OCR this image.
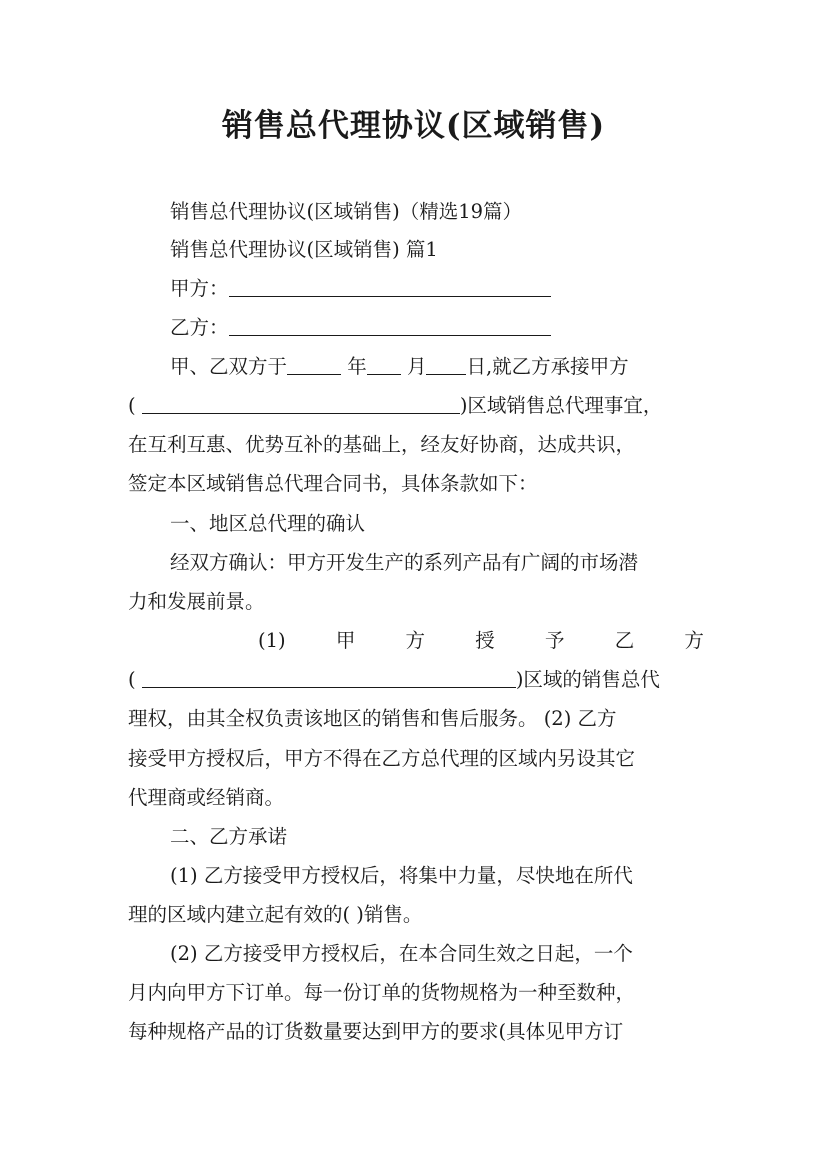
销售总代理协议(区域销售)
销售总代理协议(区域销售)（精选19篇）
销售总代理协议(区域销售) 篇1
甲方：
乙方：
甲、乙双方于	年 月 日,就乙方承接甲方
(	)区域销售总代理事宜，
在互利互惠、优势互补的基础上，经友好协商，达成共识，
签定本区域销售总代理合同书，具体条款如下：
一、地区总代理的确认
经双方确认：甲方开发生产的系列产品有广阔的市场潜
力和发展前景。
(1)	甲	方	授	予	乙	方
(	)区域的销售总代
理权，由其全权负责该地区的销售和售后服务。 (2) 乙方
接受甲方授权后，甲方不得在乙方总代理的区域内另设其它
代理商或经销商。
二、乙方承诺
(1) 乙方接受甲方授权后，将集中力量，尽快地在所代
理的区域内建立起有效的( )销售。
(2) 乙方接受甲方授权后，在本合同生效之日起，一个
月内向甲方下订单。每一份订单的货物规格为一种至数种，
每种规格产品的订货数量要达到甲方的要求(具体见甲方订
